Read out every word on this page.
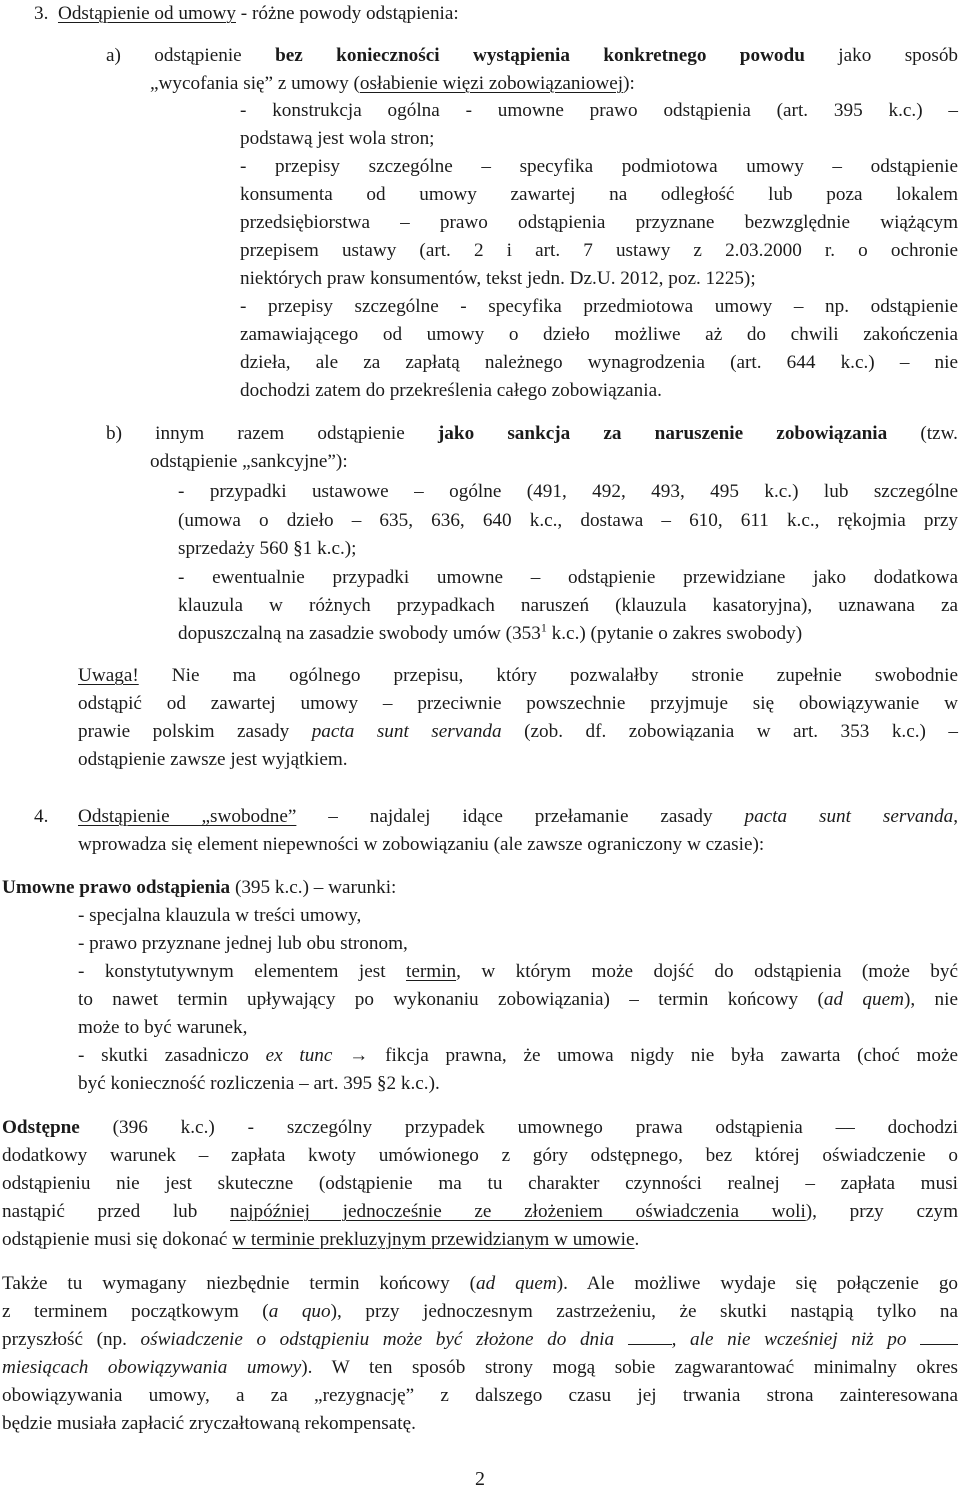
3. Odstąpienie od umowy - różne powody odstąpienia:
a) odstąpienie bez konieczności wystąpienia konkretnego powodu jako sposób
„wycofania się” z umowy (osłabienie więzi zobowiązaniowej):
- konstrukcja ogólna - umowne prawo odstąpienia (art. 395 k.c.) –
podstawą jest wola stron;
- przepisy szczególne – specyfika podmiotowa umowy – odstąpienie
konsumenta od umowy zawartej na odległość lub poza lokalem
przedsiębiorstwa – prawo odstąpienia przyznane bezwzględnie wiążącym
przepisem ustawy (art. 2 i art. 7 ustawy z 2.03.2000 r. o ochronie
niektórych praw konsumentów, tekst jedn. Dz.U. 2012, poz. 1225);
- przepisy szczególne - specyfika przedmiotowa umowy – np. odstąpienie
zamawiającego od umowy o dzieło możliwe aż do chwili zakończenia
dzieła, ale za zapłatą należnego wynagrodzenia (art. 644 k.c.) – nie
dochodzi zatem do przekreślenia całego zobowiązania.
b) innym razem odstąpienie jako sankcja za naruszenie zobowiązania (tzw.
odstąpienie „sankcyjne”):
- przypadki ustawowe – ogólne (491, 492, 493, 495 k.c.) lub szczególne
(umowa o dzieło – 635, 636, 640 k.c., dostawa – 610, 611 k.c., rękojmia przy
sprzedaży 560 §1 k.c.);
- ewentualnie przypadki umowne – odstąpienie przewidziane jako dodatkowa
klauzula w różnych przypadkach naruszeń (klauzula kasatoryjna), uznawana za
dopuszczalną na zasadzie swobody umów ($353^1$ k.c.) (pytanie o zakres swobody)
Uwaga! Nie ma ogólnego przepisu, który pozwalałby stronie zupełnie swobodnie
odstąpić od zawartej umowy – przeciwnie powszechnie przyjmuje się obowiązywanie w
prawie polskim zasady pacta sunt servanda (zob. df. zobowiązania w art. 353 k.c.) –
odstąpienie zawsze jest wyjątkiem.
4. Odstąpienie „swobodne” – najdalej idące przełamanie zasady pacta sunt servanda,
wprowadza się element niepewności w zobowiązaniu (ale zawsze ograniczony w czasie):
Umowne prawo odstąpienia (395 k.c.) – warunki:
- specjalna klauzula w treści umowy,
- prawo przyznane jednej lub obu stronom,
- konstytutywnym elementem jest termin, w którym może dojść do odstąpienia (może być
to nawet termin upływający po wykonaniu zobowiązania) – termin końcowy (ad quem), nie
może to być warunek,
- skutki zasadniczo ex tunc → fikcja prawna, że umowa nigdy nie była zawarta (choć może
być konieczność rozliczenia – art. 395 §2 k.c.).
Odstępne (396 k.c.) - szczególny przypadek umownego prawa odstąpienia –– dochodzi
dodatkowy warunek – zapłata kwoty umówionego z góry odstępnego, bez której oświadczenie o
odstąpieniu nie jest skuteczne (odstąpienie ma tu charakter czynności realnej – zapłata musi
nastąpić przed lub najpóźniej jednocześnie ze złożeniem oświadczenia woli), przy czym
odstąpienie musi się dokonać w terminie prekluzyjnym przewidzianym w umowie.
Także tu wymagany niezbędnie termin końcowy (ad quem). Ale możliwe wydaje się połączenie go
z terminem początkowym (a quo), przy jednoczesnym zastrzeżeniu, że skutki nastąpią tylko na
przyszłość (np. oświadczenie o odstąpieniu może być złożone do dnia	, ale nie wcześniej niż po
miesiącach obowiązywania umowy). W ten sposób strony mogą sobie zagwarantować minimalny okres
obowiązywania umowy, a za „rezygnację” z dalszego czasu jej trwania strona zainteresowana
będzie musiała zapłacić zryczałtowaną rekompensatę.
2
